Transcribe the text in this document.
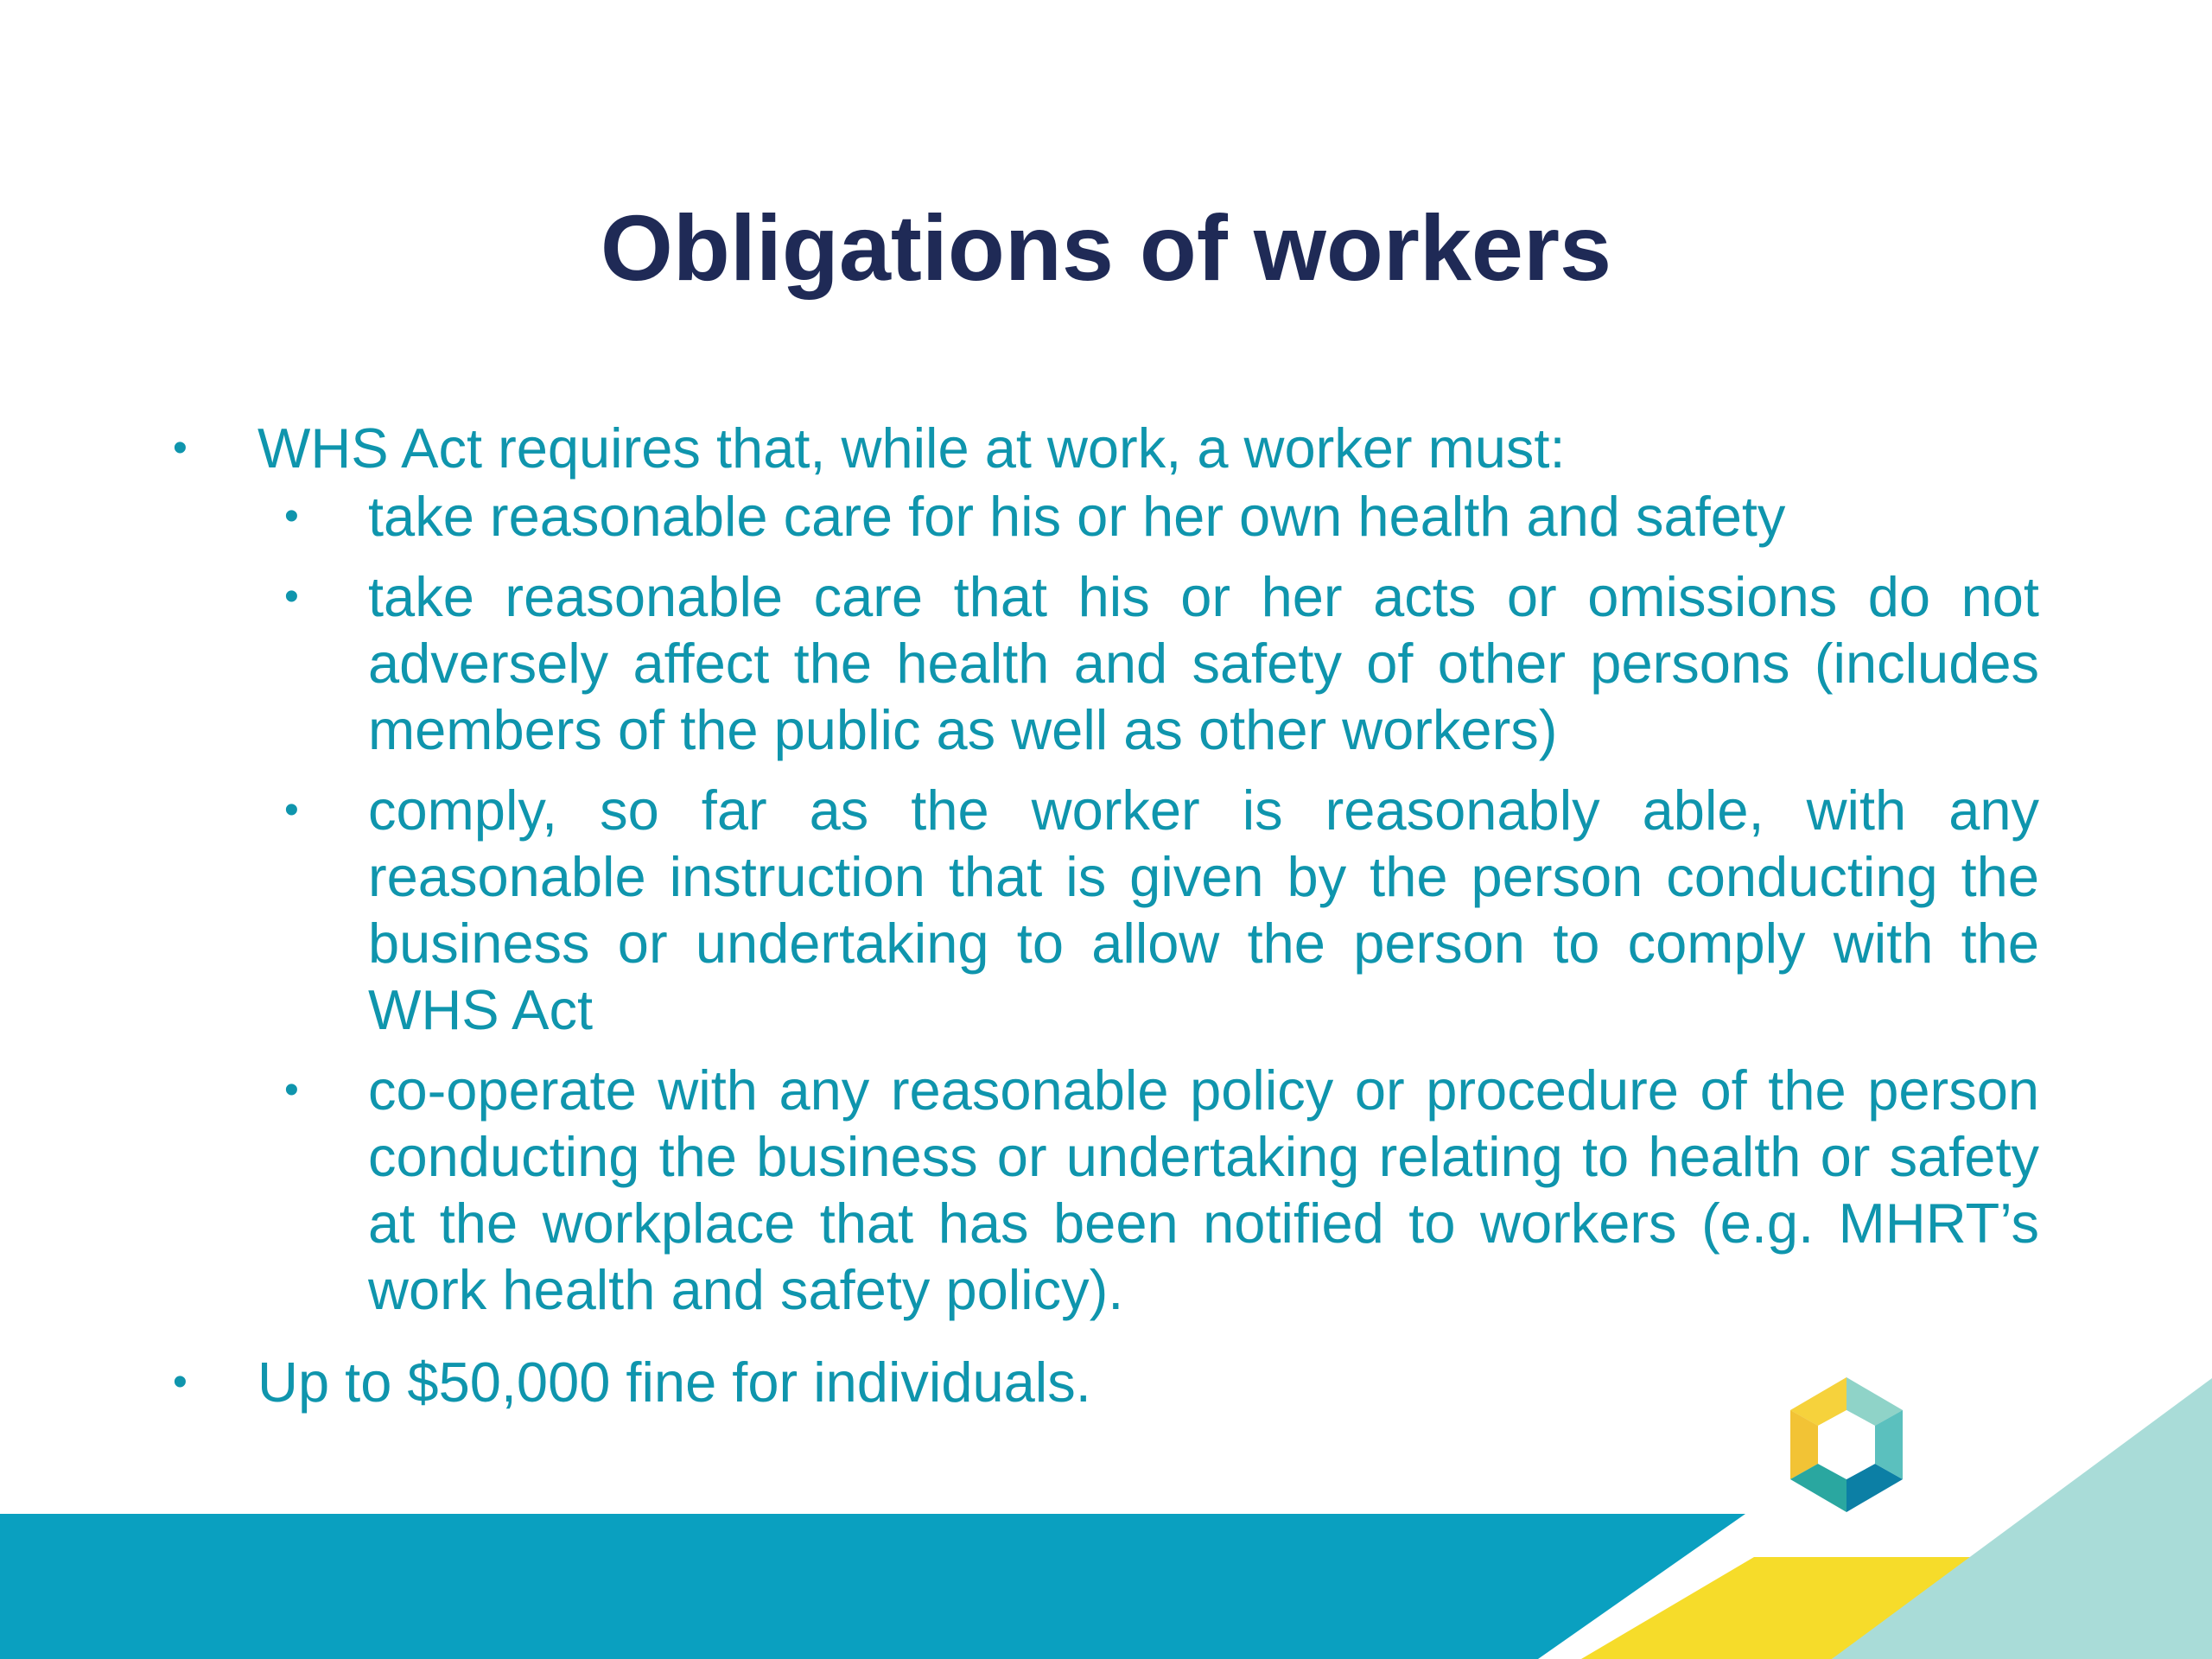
Obligations of workers
• WHS Act requires that, while at work, a worker must:
• take reasonable care for his or her own health and safety
• take reasonable care that his or her acts or omissions do not adversely affect the health and safety of other persons (includes members of the public as well as other workers)
• comply, so far as the worker is reasonably able, with any reasonable instruction that is given by the person conducting the business or undertaking to allow the person to comply with the WHS Act
• co-operate with any reasonable policy or procedure of the person conducting the business or undertaking relating to health or safety at the workplace that has been notified to workers (e.g. MHRT’s work health and safety policy).
• Up to $50,000 fine for individuals.
